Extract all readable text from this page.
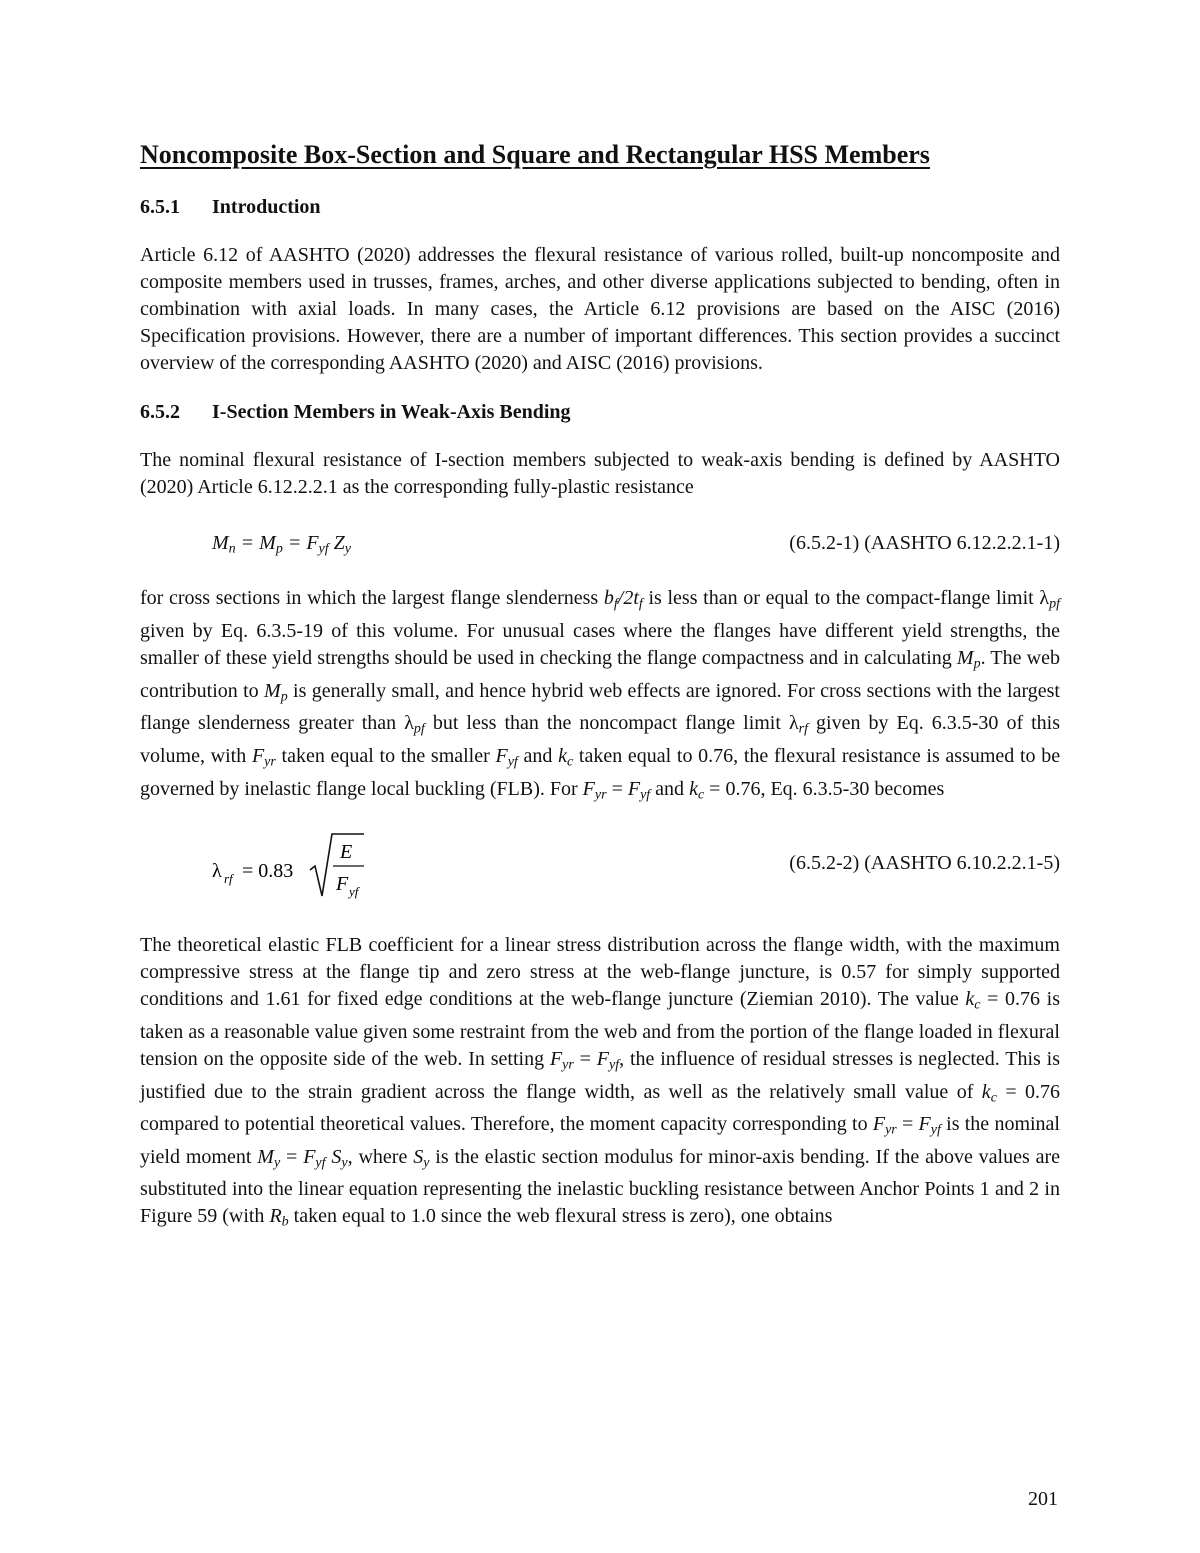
Noncomposite Box-Section and Square and Rectangular HSS Members
6.5.1 Introduction

Article 6.12 of AASHTO (2020) addresses the flexural resistance of various rolled, built-up noncomposite and composite members used in trusses, frames, arches, and other diverse applications subjected to bending, often in combination with axial loads. In many cases, the Article 6.12 provisions are based on the AISC (2016) Specification provisions. However, there are a number of important differences. This section provides a succinct overview of the corresponding AASHTO (2020) and AISC (2016) provisions.

6.5.2 I-Section Members in Weak-Axis Bending

The nominal flexural resistance of I-section members subjected to weak-axis bending is defined by AASHTO (2020) Article 6.12.2.2.1 as the corresponding fully-plastic resistance

$M_n = M_p = F_{yf}$ $Z_y$	(6.5.2-1) (AASHTO 6.12.2.2.1-1)

for cross sections in which the largest flange slenderness $b_f/2t_f$ is less than or equal to the compact-flange limit $\lambda_{pf}$ given by Eq. 6.3.5-19 of this volume. For unusual cases where the flanges have different yield strengths, the smaller of these yield strengths should be used in checking the flange compactness and in calculating $M_p$. The web contribution to $M_p$ is generally small, and hence hybrid web effects are ignored. For cross sections with the largest flange slenderness greater than $\lambda_{pf}$ but less than the noncompact flange limit $\lambda_{rf}$ given by Eq. 6.3.5-30 of this volume, with $F_{yr}$ taken equal to the smaller $F_{yf}$ and $k_c$ taken equal to 0.76, the flexural resistance is assumed to be governed by inelastic flange local buckling (FLB). For $F_{yr} = F_{yf}$ and $k_c = 0.76$, Eq. 6.3.5-30 becomes

λ rf = 0.83
E
F yf
(6.5.2-2) (AASHTO 6.10.2.2.1-5)

The theoretical elastic FLB coefficient for a linear stress distribution across the flange width, with the maximum compressive stress at the flange tip and zero stress at the web-flange juncture, is 0.57 for simply supported conditions and 1.61 for fixed edge conditions at the web-flange juncture (Ziemian 2010). The value $k_c = 0.76$ is taken as a reasonable value given some restraint from the web and from the portion of the flange loaded in flexural tension on the opposite side of the web. In setting $F_{yr} = F_{yf}$, the influence of residual stresses is neglected. This is justified due to the strain gradient across the flange width, as well as the relatively small value of $k_c = 0.76$ compared to potential theoretical values. Therefore, the moment capacity corresponding to $F_{yr} = F_{yf}$ is the nominal yield moment $M_y = F_{yf}$ $S_y$, where $S_y$ is the elastic section modulus for minor-axis bending. If the above values are substituted into the linear equation representing the inelastic buckling resistance between Anchor Points 1 and 2 in Figure 59 (with $R_b$ taken equal to 1.0 since the web flexural stress is zero), one obtains

201
